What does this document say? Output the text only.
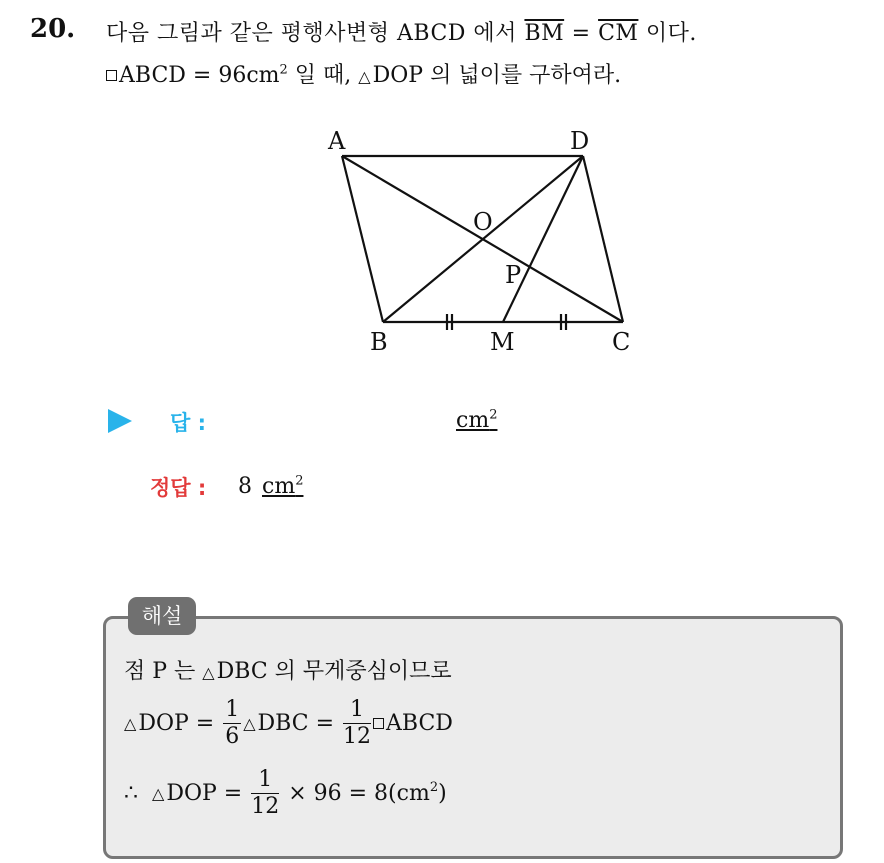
20. 다음 그림과 같은 평행사변형 ABCD 에서 $\overline{BM} = \overline{CM}$ 이다.
ABCD = $96cm^2$ 일 때, △DOP 의 넓이를 구하여라.
A	D
O
P
B	M	C
답 :	$cm^2$
정답 : 8 $cm^2$
해설
점 P 는 △DBC 의 무게중심이므로
△DOP = $\frac{1}{6}$ △DBC = $\frac{1}{12}$ ABCD
∴ △DOP = $\frac{1}{12} \times 96 = 8(cm^2)$
